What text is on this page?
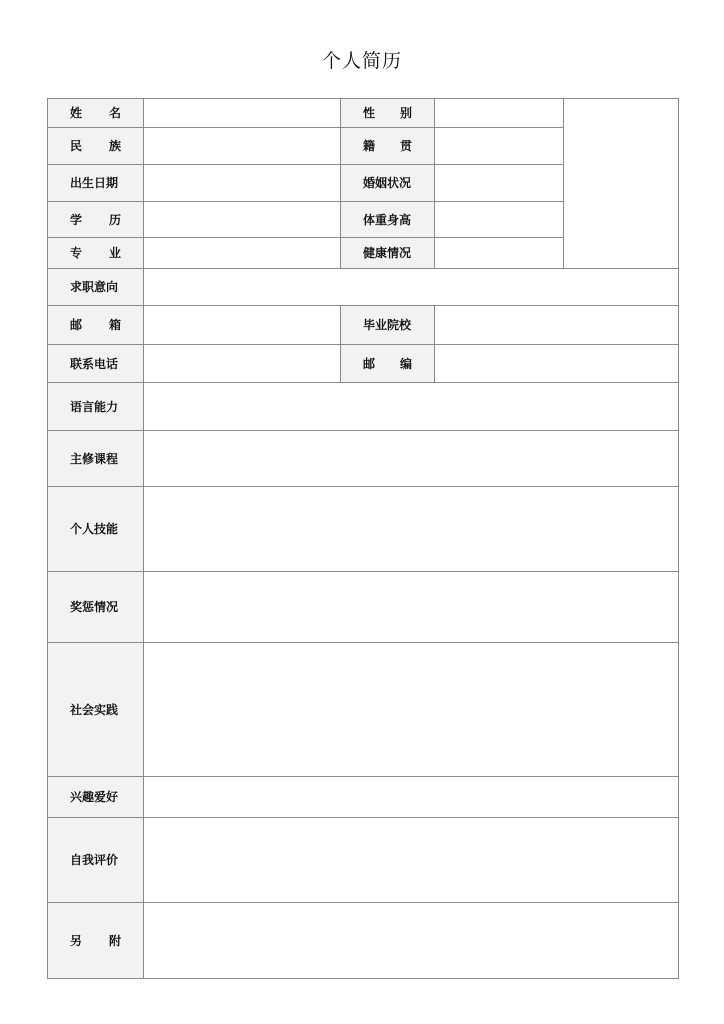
个人简历
姓 名		性 别		

民 族		籍 贯		

出生日期		婚姻状况		

学 历		体重身高		

专 业		健康情况		

求职意向				

邮 箱		毕业院校		

联系电话		邮 编		

语言能力				

主修课程				

个人技能				

奖惩情况				

社会实践				

兴趣爱好				

自我评价				

另 附				
